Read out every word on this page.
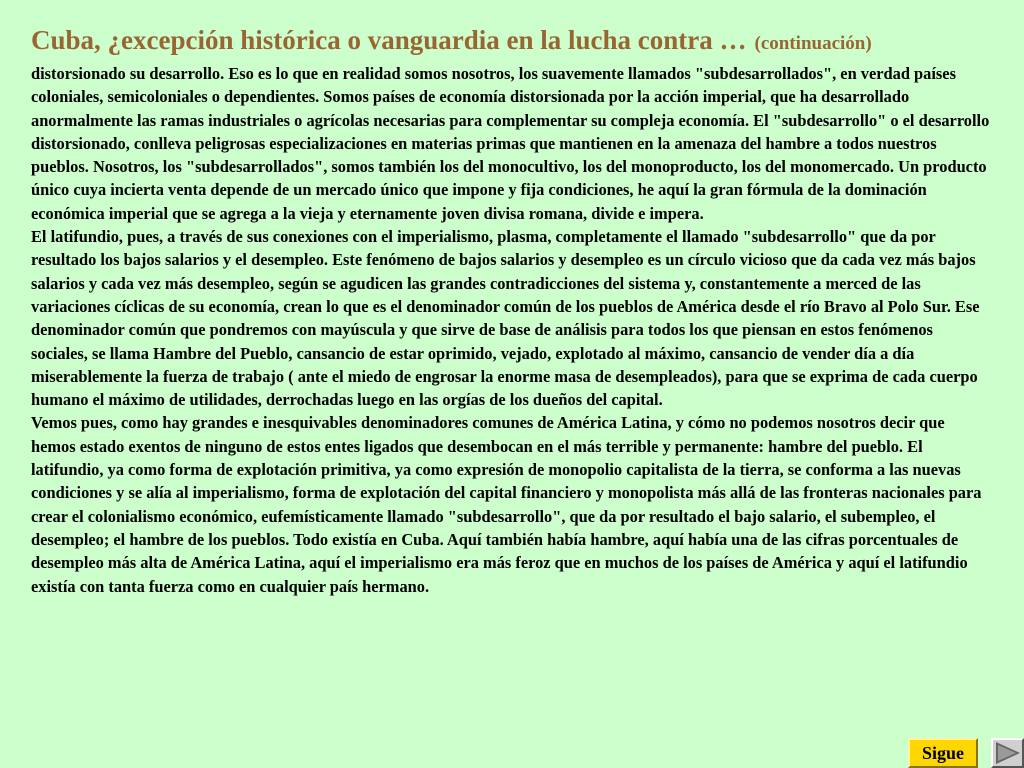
Cuba, ¿excepción histórica o vanguardia en la lucha contra … (continuación)

distorsionado su desarrollo. Eso es lo que en realidad somos nosotros, los suavemente llamados "subdesarrollados", en verdad países coloniales, semicoloniales o dependientes. Somos países de economía distorsionada por la acción imperial, que ha desarrollado anormalmente las ramas industriales o agrícolas necesarias para complementar su compleja economía. El "subdesarrollo" o el desarrollo distorsionado, conlleva peligrosas especializaciones en materias primas que mantienen en la amenaza del hambre a todos nuestros pueblos. Nosotros, los "subdesarrollados", somos también los del monocultivo, los del monoproducto, los del monomercado. Un producto único cuya incierta venta depende de un mercado único que impone y fija condiciones, he aquí la gran fórmula de la dominación económica imperial que se agrega a la vieja y eternamente joven divisa romana, divide e impera.

El latifundio, pues, a través de sus conexiones con el imperialismo, plasma, completamente el llamado "subdesarrollo" que da por resultado los bajos salarios y el desempleo. Este fenómeno de bajos salarios y desempleo es un círculo vicioso que da cada vez más bajos salarios y cada vez más desempleo, según se agudicen las grandes contradicciones del sistema y, constantemente a merced de las variaciones cíclicas de su economía, crean lo que es el denominador común de los pueblos de América desde el río Bravo al Polo Sur. Ese denominador común que pondremos con mayúscula y que sirve de base de análisis para todos los que piensan en estos fenómenos sociales, se llama Hambre del Pueblo, cansancio de estar oprimido, vejado, explotado al máximo, cansancio de vender día a día miserablemente la fuerza de trabajo ( ante el miedo de engrosar la enorme masa de desempleados), para que se exprima de cada cuerpo humano el máximo de utilidades, derrochadas luego en las orgías de los dueños del capital.

Vemos pues, como hay grandes e inesquivables denominadores comunes de América Latina, y cómo no podemos nosotros decir que hemos estado exentos de ninguno de estos entes ligados que desembocan en el más terrible y permanente: hambre del pueblo. El latifundio, ya como forma de explotación primitiva, ya como expresión de monopolio capitalista de la tierra, se conforma a las nuevas condiciones y se alía al imperialismo, forma de explotación del capital financiero y monopolista más allá de las fronteras nacionales para crear el colonialismo económico, eufemísticamente llamado "subdesarrollo", que da por resultado el bajo salario, el subempleo, el desempleo; el hambre de los pueblos. Todo existía en Cuba. Aquí también había hambre, aquí había una de las cifras porcentuales de desempleo más alta de América Latina, aquí el imperialismo era más feroz que en muchos de los países de América y aquí el latifundio existía con tanta fuerza como en cualquier país hermano.

Sigue
